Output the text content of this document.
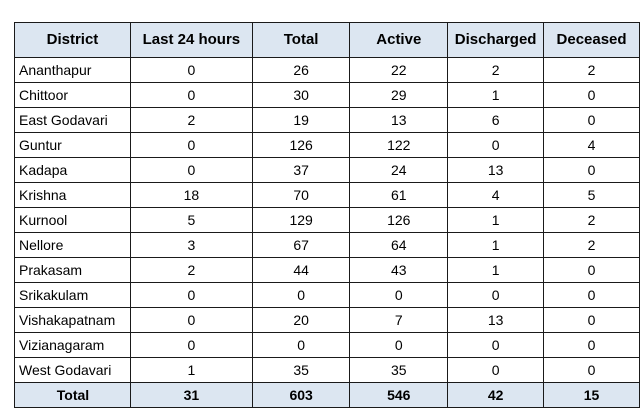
District	Last 24 hours	Total	Active	Discharged	Deceased
Ananthapur	0	26	22	2	2
Chittoor	0	30	29	1	0
East Godavari	2	19	13	6	0
Guntur	0	126	122	0	4
Kadapa	0	37	24	13	0
Krishna	18	70	61	4	5
Kurnool	5	129	126	1	2
Nellore	3	67	64	1	2
Prakasam	2	44	43	1	0
Srikakulam	0	0	0	0	0
Vishakapatnam	0	20	7	13	0
Vizianagaram	0	0	0	0	0
West Godavari	1	35	35	0	0
Total	31	603	546	42	15
